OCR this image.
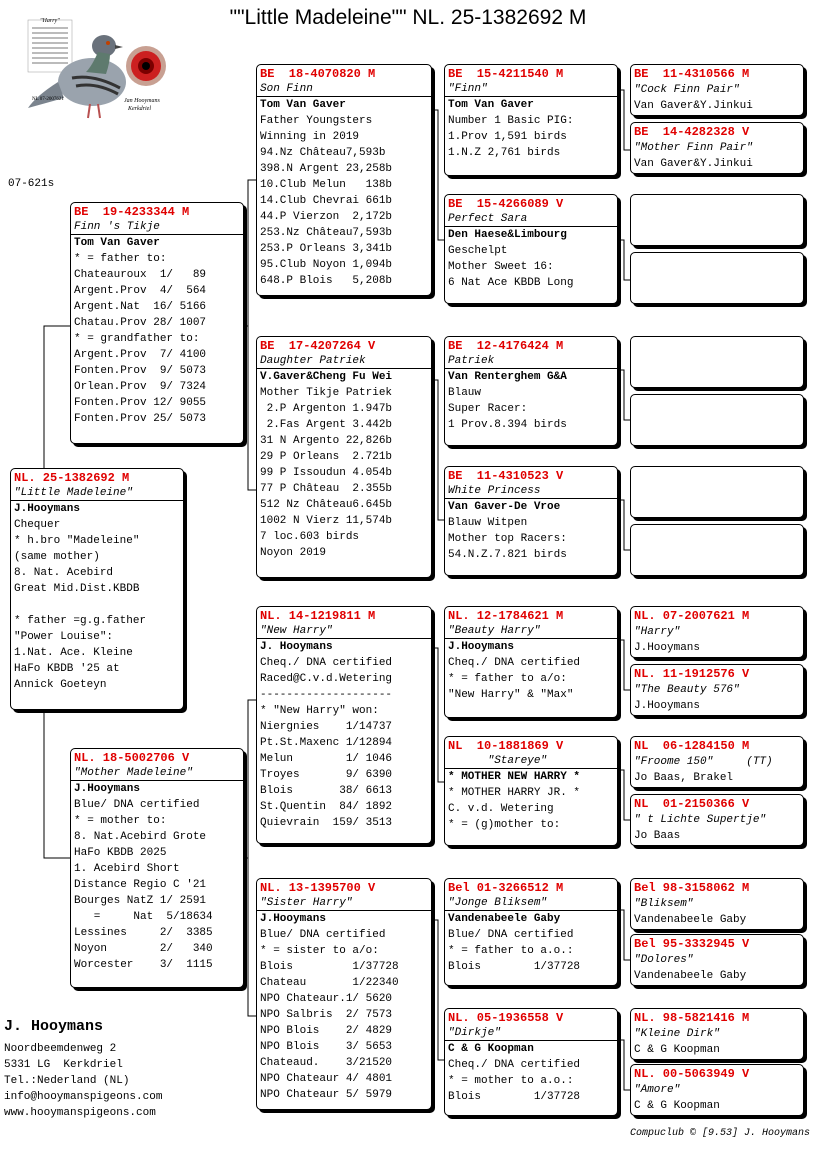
""Little Madeleine"" NL. 25-1382692 M
"Harry"
Jan Hooymans
Kerkdriel
NL 07-2007621
07-621s
NL. 25-1382692 M
"Little Madeleine"
J.Hooymans
Chequer
* h.bro "Madeleine"
(same mother)
8. Nat. Acebird
Great Mid.Dist.KBDB
* father =g.g.father
"Power Louise":
1.Nat. Ace. Kleine
HaFo KBDB '25 at
Annick Goeteyn
BE  19-4233344 M
Finn 's Tikje
Tom Van Gaver
* = father to:
Chateauroux  1/   89
Argent.Prov  4/  564
Argent.Nat  16/ 5166
Chatau.Prov 28/ 1007
* = grandfather to:
Argent.Prov  7/ 4100
Fonten.Prov  9/ 5073
Orlean.Prov  9/ 7324
Fonten.Prov 12/ 9055
Fonten.Prov 25/ 5073
NL. 18-5002706 V
"Mother Madeleine"
J.Hooymans
Blue/ DNA certified
* = mother to:
8. Nat.Acebird Grote
HaFo KBDB 2025
1. Acebird Short
Distance Regio C '21
Bourges NatZ 1/ 2591
=     Nat  5/18634
Lessines     2/  3385
Noyon        2/   340
Worcester    3/  1115
BE  18-4070820 M
Son Finn
Tom Van Gaver
Father Youngsters
Winning in 2019
94.Nz Château7,593b
398.N Argent 23,258b
10.Club Melun   138b
14.Club Chevrai 661b
44.P Vierzon  2,172b
253.Nz Château7,593b
253.P Orleans 3,341b
95.Club Noyon 1,094b
648.P Blois   5,208b
BE  17-4207264 V
Daughter Patriek
V.Gaver&Cheng Fu Wei
Mother Tikje Patriek
2.P Argenton 1.947b
2.Fas Argent 3.442b
31 N Argento 22,826b
29 P Orleans  2.721b
99 P Issoudun 4.054b
77 P Château  2.355b
512 Nz Château6.645b
1002 N Vierz 11,574b
7 loc.603 birds
Noyon 2019
NL. 14-1219811 M
"New Harry"
J. Hooymans
Cheq./ DNA certified
Raced@C.v.d.Wetering
--------------------
* "New Harry" won:
Niergnies    1/14737
Pt.St.Maxenc 1/12894
Melun        1/ 1046
Troyes       9/ 6390
Blois       38/ 6613
St.Quentin  84/ 1892
Quievrain  159/ 3513
NL. 13-1395700 V
"Sister Harry"
J.Hooymans
Blue/ DNA certified
* = sister to a/o:
Blois         1/37728
Chateau       1/22340
NPO Chateaur.1/ 5620
NPO Salbris  2/ 7573
NPO Blois    2/ 4829
NPO Blois    3/ 5653
Chateaud.    3/21520
NPO Chateaur 4/ 4801
NPO Chateaur 5/ 5979
BE  15-4211540 M
"Finn"
Tom Van Gaver
Number 1 Basic PIG:
1.Prov 1,591 birds
1.N.Z 2,761 birds
BE  15-4266089 V
Perfect Sara
Den Haese&Limbourg
Geschelpt
Mother Sweet 16:
6 Nat Ace KBDB Long
BE  12-4176424 M
Patriek
Van Renterghem G&A
Blauw
Super Racer:
1 Prov.8.394 birds
BE  11-4310523 V
White Princess
Van Gaver-De Vroe
Blauw Witpen
Mother top Racers:
54.N.Z.7.821 birds
NL. 12-1784621 M
"Beauty Harry"
J.Hooymans
Cheq./ DNA certified
* = father to a/o:
"New Harry" & "Max"
NL  10-1881869 V
"Stareye"
* MOTHER NEW HARRY *
* MOTHER HARRY JR. *
C. v.d. Wetering
* = (g)mother to:
Bel 01-3266512 M
"Jonge Bliksem"
Vandenabeele Gaby
Blue/ DNA certified
* = father to a.o.:
Blois        1/37728
NL. 05-1936558 V
"Dirkje"
C & G Koopman
Cheq./ DNA certified
* = mother to a.o.:
Blois        1/37728
BE  11-4310566 M
"Cock Finn Pair"
Van Gaver&Y.Jinkui
BE  14-4282328 V
"Mother Finn Pair"
Van Gaver&Y.Jinkui
NL. 07-2007621 M
"Harry"
J.Hooymans
NL. 11-1912576 V
"The Beauty 576"
J.Hooymans
NL  06-1284150 M
"Froome 150"     (TT)
Jo Baas, Brakel
NL  01-2150366 V
" t Lichte Supertje"
Jo Baas
Bel 98-3158062 M
"Bliksem"
Vandenabeele Gaby
Bel 95-3332945 V
"Dolores"
Vandenabeele Gaby
NL. 98-5821416 M
"Kleine Dirk"
C & G Koopman
NL. 00-5063949 V
"Amore"
C & G Koopman
J. Hooymans
Noordbeemdenweg 2
5331 LG  Kerkdriel
Tel.:Nederland (NL)
info@hooymanspigeons.com
www.hooymanspigeons.com
Compuclub © [9.53] J. Hooymans
